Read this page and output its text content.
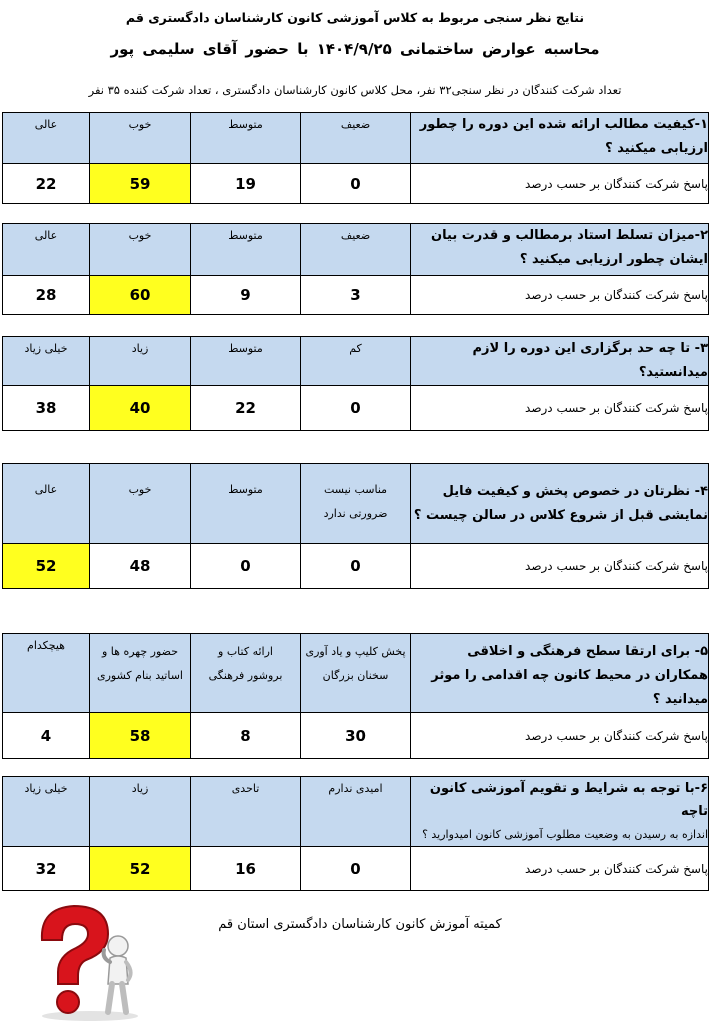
نتایج نظر سنجی مربوط به کلاس آموزشی کانون کارشناسان دادگستری قم
محاسبه عوارض ساختمانی ۱۴۰۴/۹/۲۵ با حضور آقای سلیمی پور
تعداد شرکت کنندگان در نظر سنجی۳۲ نفر، محل کلاس کانون کارشناسان دادگستری ، تعداد شرکت کننده ۳۵ نفر
عالی	خوب	متوسط	ضعیف	۱-کیفیت مطالب ارائه شده این دوره را چطور ارزیابی میکنید ؟
22	59	19	0	پاسخ شرکت کنندگان بر حسب درصد
عالی	خوب	متوسط	ضعیف	۲-میزان تسلط استاد برمطالب و قدرت بیان ایشان چطور ارزیابی میکنید ؟
28	60	9	3	پاسخ شرکت کنندگان بر حسب درصد
خیلی زیاد	زیاد	متوسط	کم	۳- تا چه حد برگزاری این دوره را لازم میدانستید؟
38	40	22	0	پاسخ شرکت کنندگان بر حسب درصد
عالی	خوب	متوسط	مناسب نیست ضرورتی ندارد	۴- نظرتان در خصوص پخش و کیفیت فایل نمایشی قبل از شروع کلاس در سالن چیست ؟
52	48	0	0	پاسخ شرکت کنندگان بر حسب درصد
هیچکدام	حضور چهره ها و اساتید بنام کشوری	ارائه کتاب و بروشور فرهنگی	پخش کلیپ و یاد آوری سخنان بزرگان	۵- برای ارتقا سطح فرهنگی و اخلاقی همکاران در محیط کانون چه اقدامی را موثر میدانید ؟
4	58	8	30	پاسخ شرکت کنندگان بر حسب درصد
خیلی زیاد	زیاد	تاحدی	امیدی ندارم	۶-با توجه به شرایط و تقویم آموزشی کانون تاچه
اندازه به رسیدن به وضعیت مطلوب آموزشی کانون امیدوارید ؟

32	52	16	0	پاسخ شرکت کنندگان بر حسب درصد
کمیته آموزش کانون کارشناسان دادگستری استان قم
